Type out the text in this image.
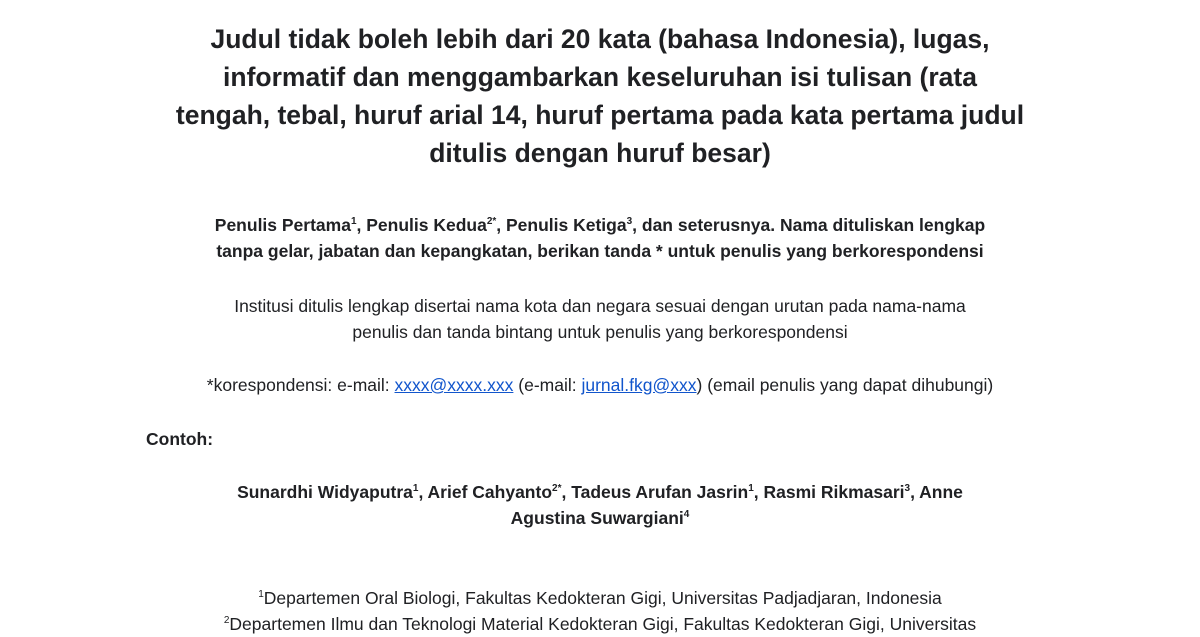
Judul tidak boleh lebih dari 20 kata (bahasa Indonesia), lugas,
informatif dan menggambarkan keseluruhan isi tulisan (rata
tengah, tebal, huruf arial 14, huruf pertama pada kata pertama judul
ditulis dengan huruf besar)
Penulis Pertama$^1$, Penulis Kedua$^{2*}$, Penulis Ketiga$^3$, dan seterusnya. Nama dituliskan lengkap
tanpa gelar, jabatan dan kepangkatan, berikan tanda * untuk penulis yang berkorespondensi
Institusi ditulis lengkap disertai nama kota dan negara sesuai dengan urutan pada nama-nama
penulis dan tanda bintang untuk penulis yang berkorespondensi
*korespondensi: e-mail: xxxx@xxxx.xxx (e-mail: jurnal.fkg@xxx) (email penulis yang dapat dihubungi)
Contoh:
Sunardhi Widyaputra$^1$, Arief Cahyanto$^{2*}$, Tadeus Arufan Jasrin$^1$, Rasmi Rikmasari$^3$, Anne
Agustina Suwargiani$^4$
$^1$Departemen Oral Biologi, Fakultas Kedokteran Gigi, Universitas Padjadjaran, Indonesia
$^2$Departemen Ilmu dan Teknologi Material Kedokteran Gigi, Fakultas Kedokteran Gigi, Universitas
